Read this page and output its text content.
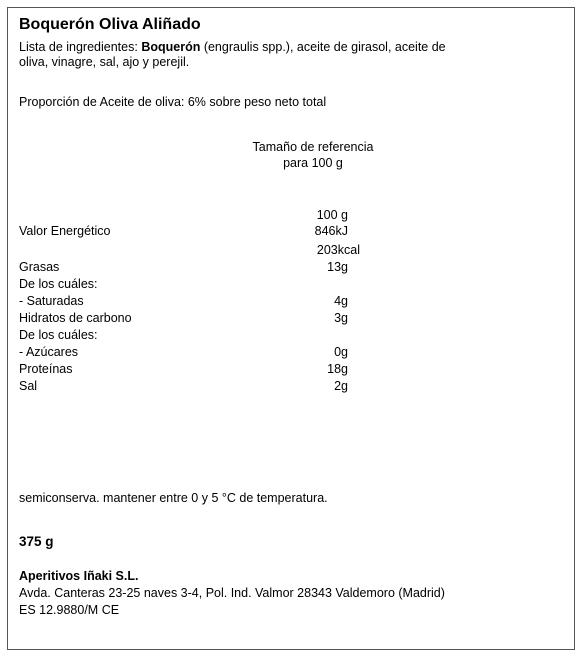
Boquerón Oliva Aliñado
Lista de ingredientes: Boquerón (engraulis spp.), aceite de girasol, aceite de
oliva, vinagre, sal, ajo y perejil.
Proporción de Aceite de oliva: 6% sobre peso neto total
Tamaño de referencia
para 100 g
100 g
Valor Energético	846kJ
203kcal
Grasas	13g
De los cuáles:
- Saturadas	4g
Hidratos de carbono	3g
De los cuáles:
- Azúcares	0g
Proteínas	18g
Sal	2g
semiconserva. mantener entre 0 y 5 °C de temperatura.
375 g
Aperitivos Iñaki S.L.
Avda. Canteras 23-25 naves 3-4, Pol. Ind. Valmor 28343 Valdemoro (Madrid)
ES 12.9880/M CE
